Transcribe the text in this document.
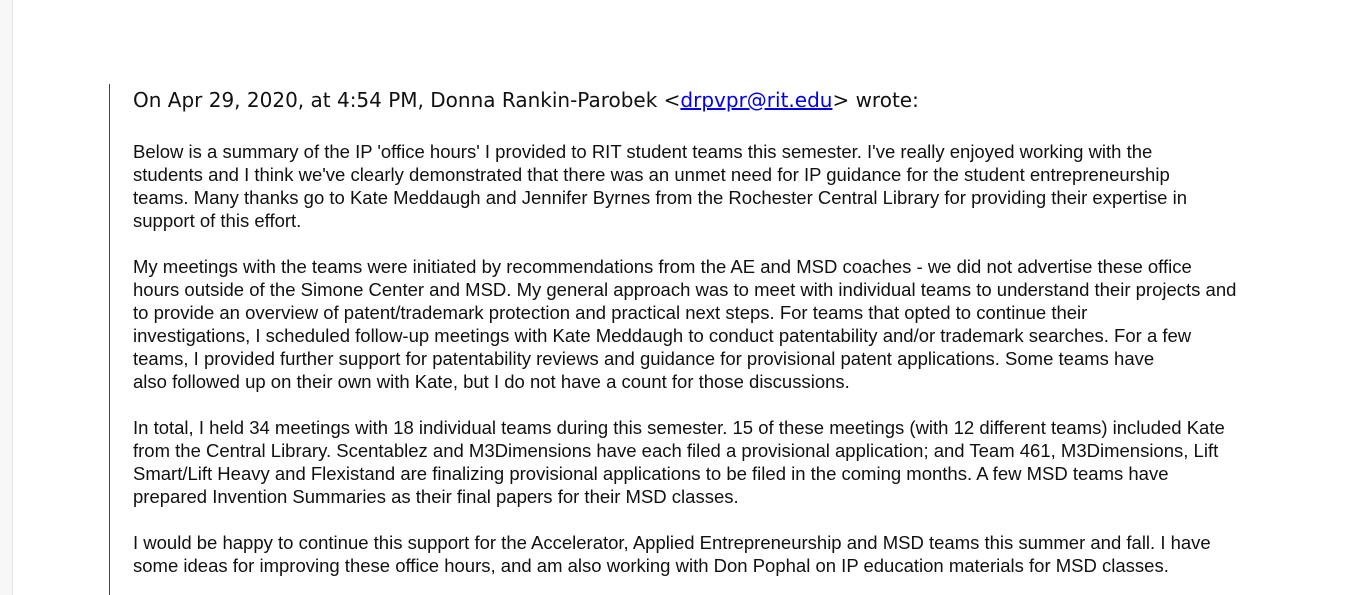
On Apr 29, 2020, at 4:54 PM, Donna Rankin-Parobek <drpvpr@rit.edu> wrote:
Below is a summary of the IP 'office hours' I provided to RIT student teams this semester. I've really enjoyed working with the
students and I think we've clearly demonstrated that there was an unmet need for IP guidance for the student entrepreneurship
teams. Many thanks go to Kate Meddaugh and Jennifer Byrnes from the Rochester Central Library for providing their expertise in
support of this effort.
My meetings with the teams were initiated by recommendations from the AE and MSD coaches - we did not advertise these office
hours outside of the Simone Center and MSD. My general approach was to meet with individual teams to understand their projects and
to provide an overview of patent/trademark protection and practical next steps. For teams that opted to continue their
investigations, I scheduled follow-up meetings with Kate Meddaugh to conduct patentability and/or trademark searches. For a few
teams, I provided further support for patentability reviews and guidance for provisional patent applications. Some teams have
also followed up on their own with Kate, but I do not have a count for those discussions.
In total, I held 34 meetings with 18 individual teams during this semester. 15 of these meetings (with 12 different teams) included Kate
from the Central Library. Scentablez and M3Dimensions have each filed a provisional application; and Team 461, M3Dimensions, Lift
Smart/Lift Heavy and Flexistand are finalizing provisional applications to be filed in the coming months. A few MSD teams have
prepared Invention Summaries as their final papers for their MSD classes.
I would be happy to continue this support for the Accelerator, Applied Entrepreneurship and MSD teams this summer and fall. I have
some ideas for improving these office hours, and am also working with Don Pophal on IP education materials for MSD classes.
